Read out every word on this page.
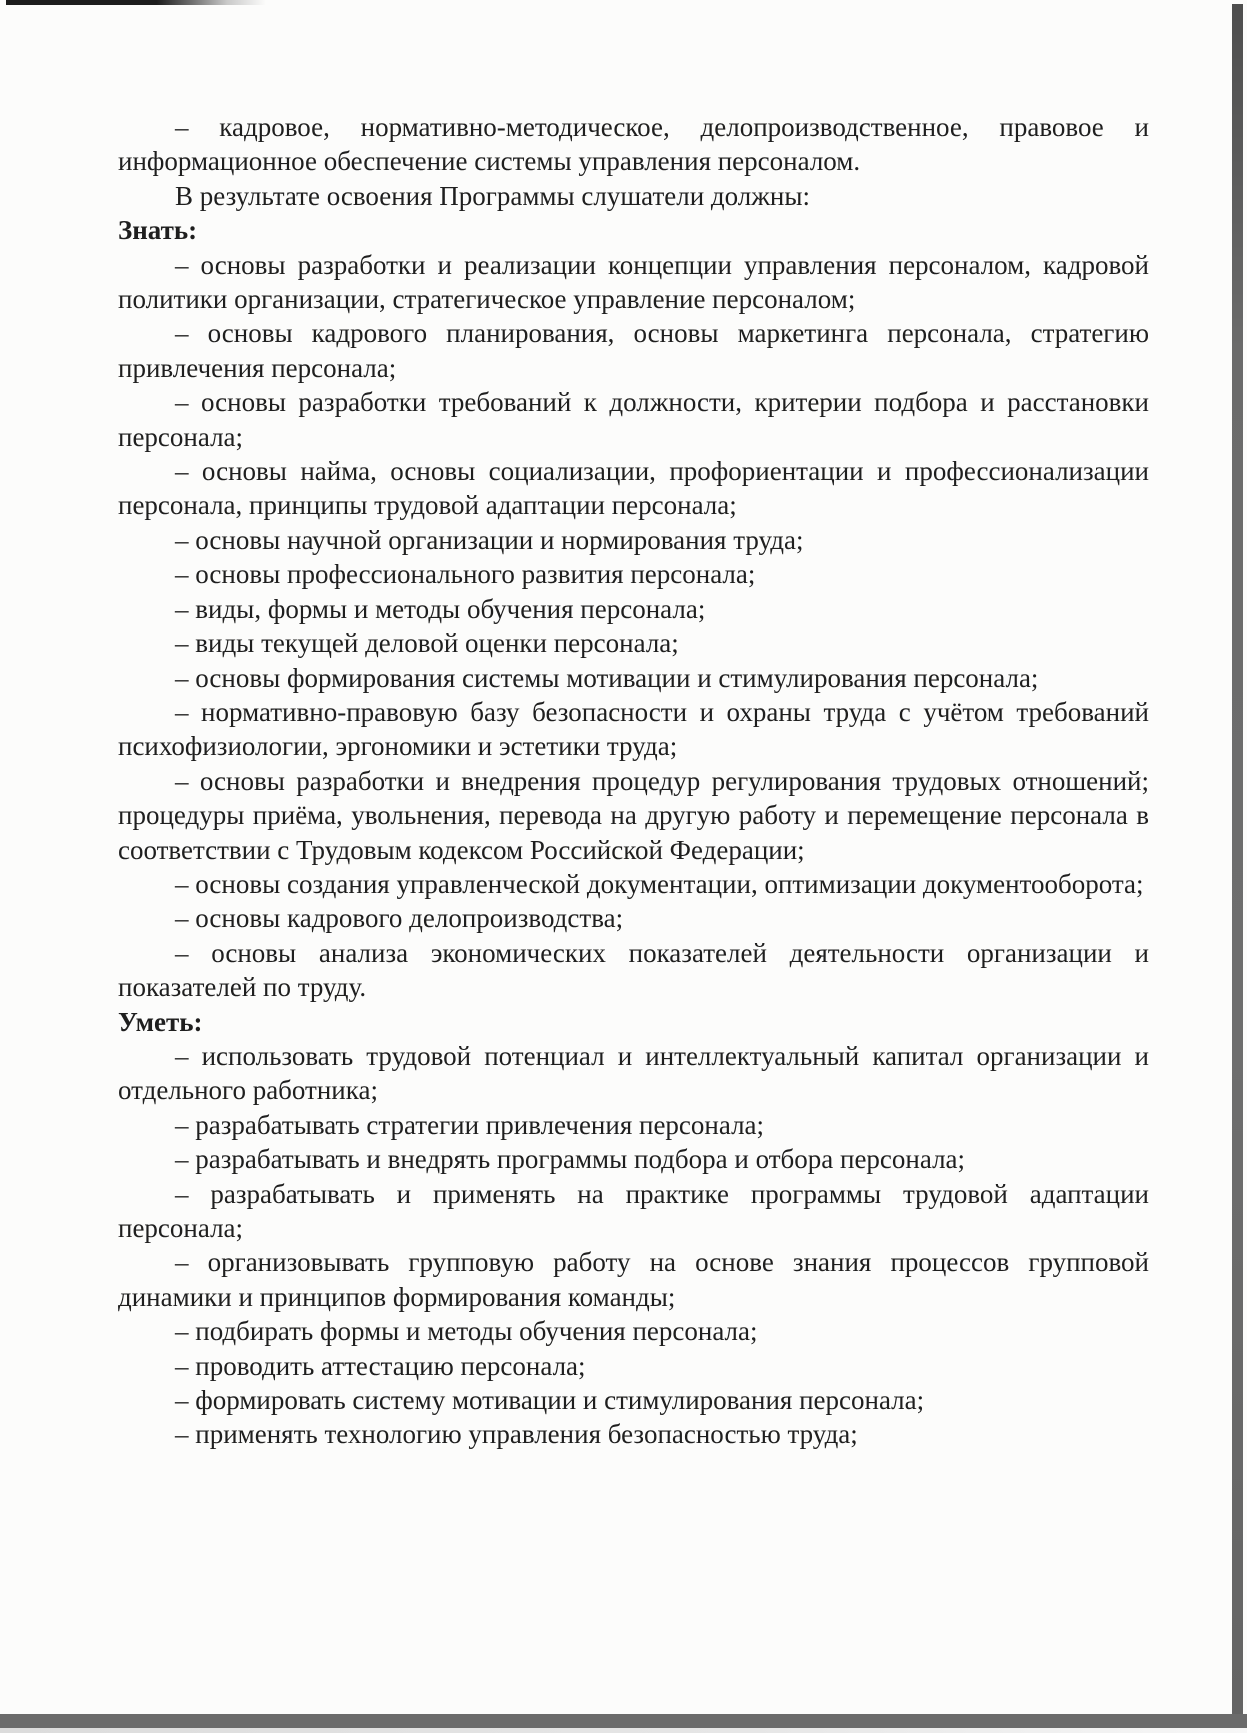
– кадровое, нормативно-методическое, делопроизводственное, правовое и информационное обеспечение системы управления персоналом.

В результате освоения Программы слушатели должны:

Знать:

– основы разработки и реализации концепции управления персоналом, кадровой политики организации, стратегическое управление персоналом;

– основы кадрового планирования, основы маркетинга персонала, стратегию привлечения персонала;

– основы разработки требований к должности, критерии подбора и расстановки персонала;

– основы найма, основы социализации, профориентации и профессионализации персонала, принципы трудовой адаптации персонала;

– основы научной организации и нормирования труда;

– основы профессионального развития персонала;

– виды, формы и методы обучения персонала;

– виды текущей деловой оценки персонала;

– основы формирования системы мотивации и стимулирования персонала;

– нормативно-правовую базу безопасности и охраны труда с учётом требований психофизиологии, эргономики и эстетики труда;

– основы разработки и внедрения процедур регулирования трудовых отношений; процедуры приёма, увольнения, перевода на другую работу и перемещение персонала в соответствии с Трудовым кодексом Российской Федерации;

– основы создания управленческой документации, оптимизации документооборота;

– основы кадрового делопроизводства;

– основы анализа экономических показателей деятельности организации и показателей по труду.

Уметь:

– использовать трудовой потенциал и интеллектуальный капитал организации и отдельного работника;

– разрабатывать стратегии привлечения персонала;

– разрабатывать и внедрять программы подбора и отбора персонала;

– разрабатывать и применять на практике программы трудовой адаптации персонала;

– организовывать групповую работу на основе знания процессов групповой динамики и принципов формирования команды;

– подбирать формы и методы обучения персонала;

– проводить аттестацию персонала;

– формировать систему мотивации и стимулирования персонала;

– применять технологию управления безопасностью труда;
